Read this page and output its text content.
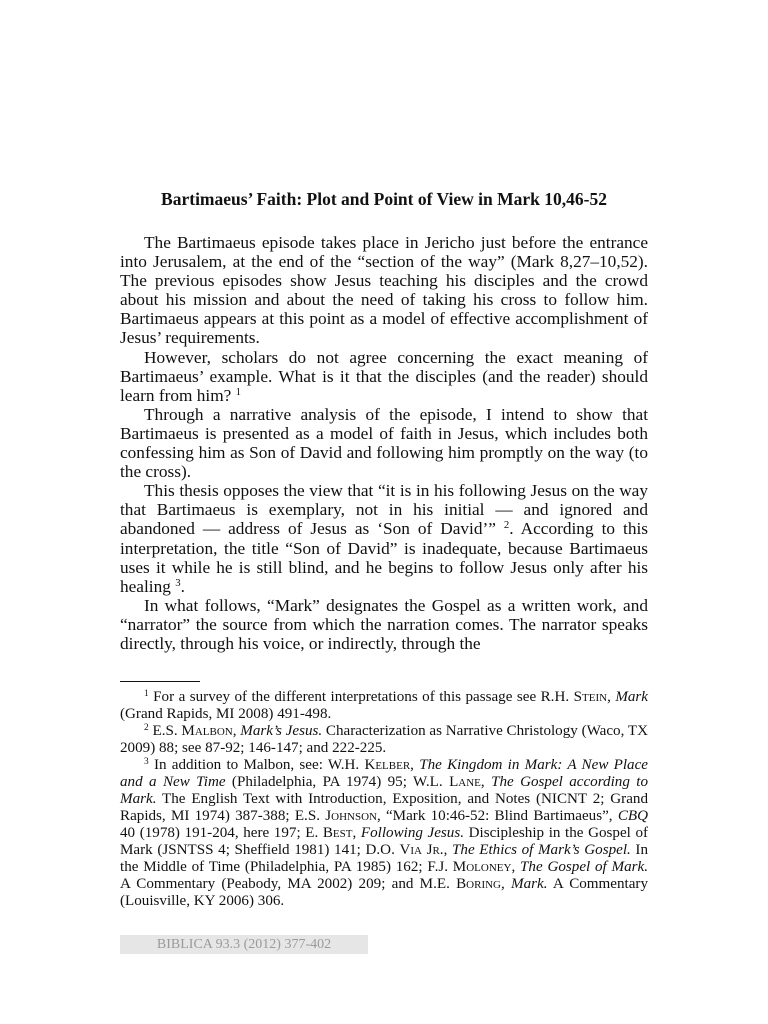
Bartimaeus’ Faith: Plot and Point of View in Mark 10,46-52

The Bartimaeus episode takes place in Jericho just before the entrance into Jerusalem, at the end of the “section of the way” (Mark 8,27–10,52). The previous episodes show Jesus teaching his disciples and the crowd about his mission and about the need of taking his cross to follow him. Bartimaeus appears at this point as a model of effective accomplishment of Jesus’ requirements.

However, scholars do not agree concerning the exact meaning of Bartimaeus’ example. What is it that the disciples (and the reader) should learn from him? $^1$

Through a narrative analysis of the episode, I intend to show that Bartimaeus is presented as a model of faith in Jesus, which includes both confessing him as Son of David and following him promptly on the way (to the cross).

This thesis opposes the view that “it is in his following Jesus on the way that Bartimaeus is exemplary, not in his initial — and ignored and abandoned — address of Jesus as ‘Son of David’” $^2$. According to this interpretation, the title “Son of David” is inadequate, because Bartimaeus uses it while he is still blind, and he begins to follow Jesus only after his healing $^3$.

In what follows, “Mark” designates the Gospel as a written work, and “narrator” the source from which the narration comes. The narrator speaks directly, through his voice, or indirectly, through the

$^1$ For a survey of the different interpretations of this passage see R.H. Stein, Mark (Grand Rapids, MI 2008) 491-498.

$^2$ E.S. Malbon, Mark’s Jesus. Characterization as Narrative Christology (Waco, TX 2009) 88; see 87-92; 146-147; and 222-225.

$^3$ In addition to Malbon, see: W.H. Kelber, The Kingdom in Mark: A New Place and a New Time (Philadelphia, PA 1974) 95; W.L. Lane, The Gospel according to Mark. The English Text with Introduction, Exposition, and Notes (NICNT 2; Grand Rapids, MI 1974) 387-388; E.S. Johnson, “Mark 10:46-52: Blind Bartimaeus”, CBQ 40 (1978) 191-204, here 197; E. Best, Following Jesus. Discipleship in the Gospel of Mark (JSNTSS 4; Sheffield 1981) 141; D.O. Via Jr., The Ethics of Mark’s Gospel. In the Middle of Time (Philadelphia, PA 1985) 162; F.J. Moloney, The Gospel of Mark. A Commentary (Peabody, MA 2002) 209; and M.E. Boring, Mark. A Commentary (Louisville, KY 2006) 306.

BIBLICA 93.3 (2012) 377-402
